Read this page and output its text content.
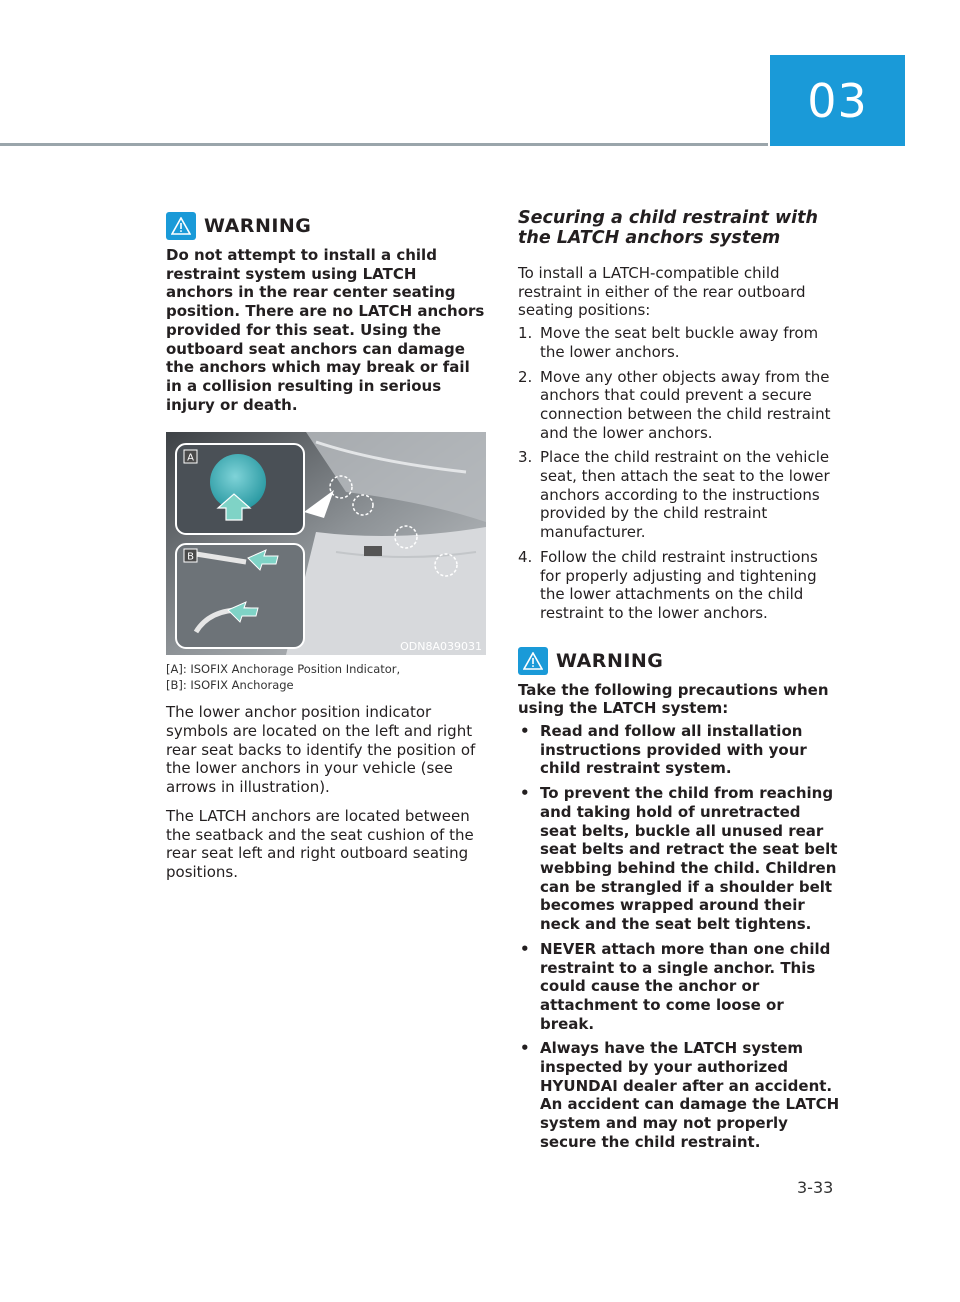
03
WARNING

Do not attempt to install a child restraint system using LATCH anchors in the rear center seating position. There are no LATCH anchors provided for this seat. Using the outboard seat anchors can damage the anchors which may break or fail in a collision resulting in serious injury or death.

A
B
ODN8A039031
[A]: ISOFIX Anchorage Position Indicator,
[B]: ISOFIX Anchorage

The lower anchor position indicator symbols are located on the left and right rear seat backs to identify the position of the lower anchors in your vehicle (see arrows in illustration).

The LATCH anchors are located between the seatback and the seat cushion of the rear seat left and right outboard seating positions.

Securing a child restraint with the LATCH anchors system

To install a LATCH-compatible child restraint in either of the rear outboard seating positions:

1. Move the seat belt buckle away from the lower anchors.
2. Move any other objects away from the anchors that could prevent a secure connection between the child restraint and the lower anchors.
3. Place the child restraint on the vehicle seat, then attach the seat to the lower anchors according to the instructions provided by the child restraint manufacturer.
4. Follow the child restraint instructions for properly adjusting and tightening the lower attachments on the child restraint to the lower anchors.
WARNING

Take the following precautions when using the LATCH system:

• Read and follow all installation instructions provided with your child restraint system.
• To prevent the child from reaching and taking hold of unretracted seat belts, buckle all unused rear seat belts and retract the seat belt webbing behind the child. Children can be strangled if a shoulder belt becomes wrapped around their neck and the seat belt tightens.
• NEVER attach more than one child restraint to a single anchor. This could cause the anchor or attachment to come loose or break.
• Always have the LATCH system inspected by your authorized HYUNDAI dealer after an accident. An accident can damage the LATCH system and may not properly secure the child restraint.
3-33
